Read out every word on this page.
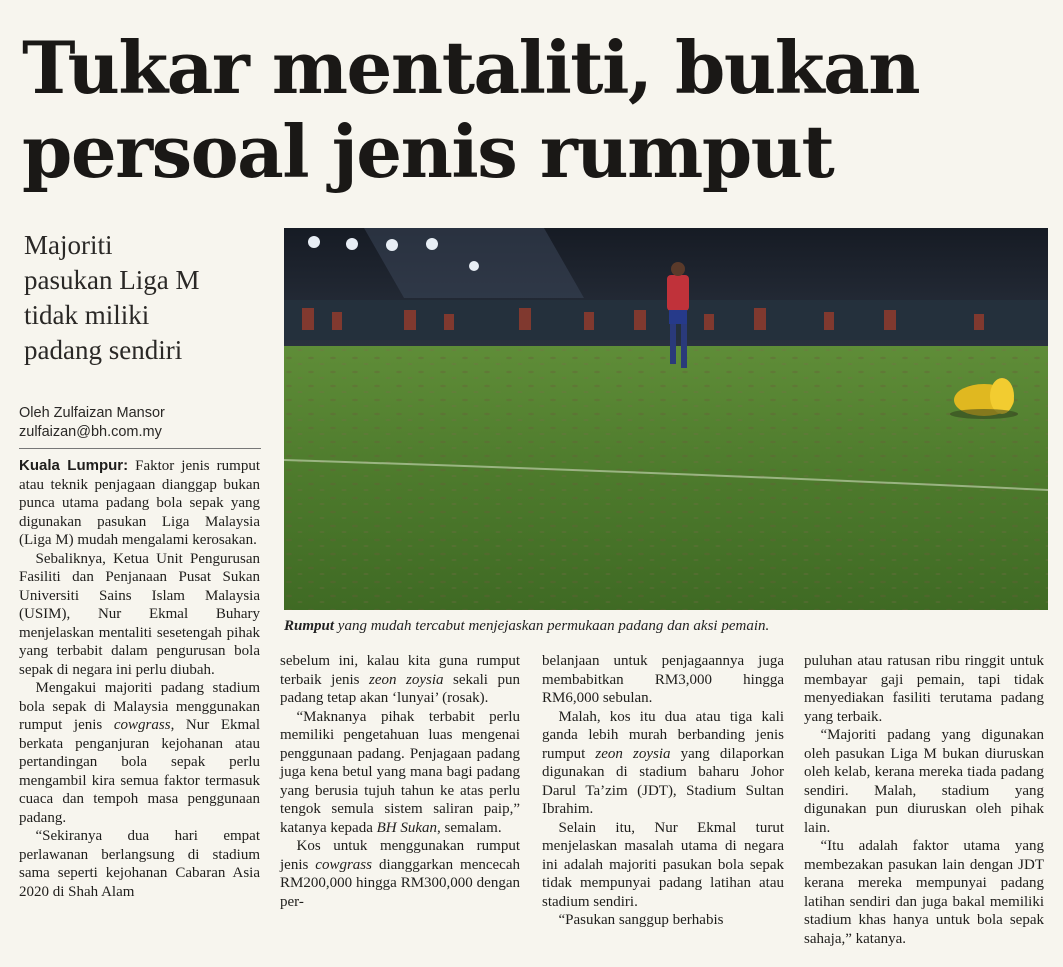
Tukar mentaliti, bukan
persoal jenis rumput
Majoriti
pasukan Liga M
tidak miliki
padang sendiri
Oleh Zulfaizan Mansor
zulfaizan@bh.com.my
Rumput yang mudah tercabut menjejaskan permukaan padang dan aksi pemain.

Kuala Lumpur: Faktor jenis rumput atau teknik penjagaan dianggap bukan punca utama padang bola sepak yang digunakan pasukan Liga Malaysia (Liga M) mudah mengalami kerosakan.

Sebaliknya, Ketua Unit Pengurusan Fasiliti dan Penjanaan Pusat Sukan Universiti Sains Islam Malaysia (USIM), Nur Ekmal Buhary menjelaskan mentaliti sesetengah pihak yang terbabit dalam pengurusan bola sepak di negara ini perlu diubah.

Mengakui majoriti padang stadium bola sepak di Malaysia menggunakan rumput jenis cowgrass, Nur Ekmal berkata penganjuran kejohanan atau pertandingan bola sepak perlu mengambil kira semua faktor termasuk cuaca dan tempoh masa penggunaan padang.

“Sekiranya dua hari empat perlawanan berlangsung di stadium sama seperti kejohanan Cabaran Asia 2020 di Shah Alam

sebelum ini, kalau kita guna rumput terbaik jenis zeon zoysia sekali pun padang tetap akan ‘lunyai’ (rosak).

“Maknanya pihak terbabit perlu memiliki pengetahuan luas mengenai penggunaan padang. Penjagaan padang juga kena betul yang mana bagi padang yang berusia tujuh tahun ke atas perlu tengok semula sistem saliran paip,” katanya kepada BH Sukan, semalam.

Kos untuk menggunakan rumput jenis cowgrass dianggarkan mencecah RM200,000 hingga RM300,000 dengan per-

belanjaan untuk penjagaannya juga membabitkan RM3,000 hingga RM6,000 sebulan.

Malah, kos itu dua atau tiga kali ganda lebih murah berbanding jenis rumput zeon zoysia yang dilaporkan digunakan di stadium baharu Johor Darul Ta’zim (JDT), Stadium Sultan Ibrahim.

Selain itu, Nur Ekmal turut menjelaskan masalah utama di negara ini adalah majoriti pasukan bola sepak tidak mempunyai padang latihan atau stadium sendiri.

“Pasukan sanggup berhabis

puluhan atau ratusan ribu ringgit untuk membayar gaji pemain, tapi tidak menyediakan fasiliti terutama padang yang terbaik.

“Majoriti padang yang digunakan oleh pasukan Liga M bukan diuruskan oleh kelab, kerana mereka tiada padang sendiri. Malah, stadium yang digunakan pun diuruskan oleh pihak lain.

“Itu adalah faktor utama yang membezakan pasukan lain dengan JDT kerana mereka mempunyai padang latihan sendiri dan juga bakal memiliki stadium khas hanya untuk bola sepak sahaja,” katanya.
